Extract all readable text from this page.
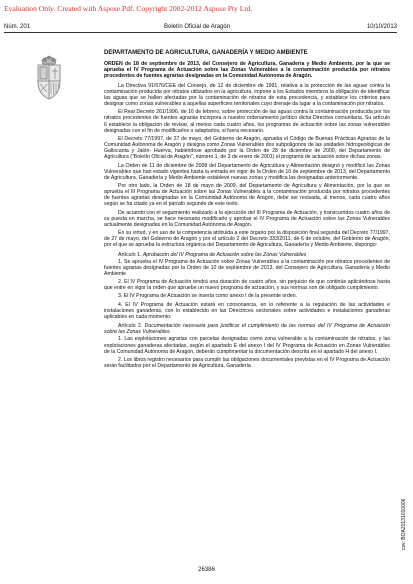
Evaluation Only. Created with Aspose.Pdf. Copyright 2002-2012 Aspose Pty Ltd.
Núm. 201	Boletín Oficial de Aragón	10/10/2013
DEPARTAMENTO DE AGRICULTURA, GANADERÍA Y MEDIO AMBIENTE
ORDEN de 18 de septiembre de 2013, del Consejero de Agricultura, Ganadería y Medio Ambiente, por la que se aprueba el IV Programa de Actuación sobre las Zonas Vulnerables a la contaminación producida por nitratos procedentes de fuentes agrarias designadas en la Comunidad Autónoma de Aragón.
La Directiva 91/676/CEE del Consejo, de 12 de diciembre de 1991, relativa a la protección de las aguas contra la contaminación producida por nitratos utilizados en la agricultura, impone a los Estados miembros la obligación de identificar las aguas que se hallen afectadas por la contaminación de nitratos de esta procedencia, y establece los criterios para designar como zonas vulnerables a aquellas superficies territoriales cuyo drenaje da lugar a la contaminación por nitratos.
El Real Decreto 261/1996, de 16 de febrero, sobre protección de las aguas contra la contaminación producida por los nitratos procedentes de fuentes agrarias incorpora a nuestro ordenamiento jurídico dicha Directiva comunitaria. Su artículo 6 establece la obligación de revisar, al menos cada cuatro años, los programas de actuación sobre las zonas vulnerables designadas con el fin de modificarlos o adaptarlos, si fuera necesario.
El Decreto 77/1997, de 27 de mayo, del Gobierno de Aragón, aprueba el Código de Buenas Prácticas Agrarias de la Comunidad Autónoma de Aragón y designa como Zonas Vulnerables dos subpoligonos de las unidades hidrogeológicas de Gallocanta y Jalón- Huerva, habiéndose aprobado por la Orden de 28 de diciembre de 2000, del Departamento de Agricultura ("Boletín Oficial de Aragón", número 1, de 3 de enero de 2001) el programa de actuación sobre dichas zonas.
La Orden de 11 de diciembre de 2008 del Departamento de Agricultura y Alimentación designó y modificó las Zonas Vulnerables que han estado vigentes hasta la entrada en vigor de la Orden de 10 de septiembre de 2013, del Departamento de Agricultura, Ganadería y Medio Ambiente estableve nuevas zonas y modifica las designadas anteriormente.
Por otro lado, la Orden de 18 de mayo de 2009, del Departamento de Agricultura y Alimentación, por la que se aprueba el III Programa de Actuación sobre las Zonas Vulnerables a la contaminación producida por nitratos procedentes de fuentes agrarias designadas en la Comunidad Autónoma de Aragón, debe ser revisada, al menos, cada cuatro años según se ha citado ya en el párrafo segundo de este texto.
De acuerdo con el seguimiento realizado a la ejecución del III Programa de Actuación, y transcurridos cuatro años de su puesta en marcha, se hace necesario modificarlo y aprobar el IV Programa de Actuación sobre las Zonas Vulnerables actualmente designadas en la Comunidad Autónoma de Aragón.
En su virtud, y en uso de la competencia atribuida a este órgano por la disposición final segunda del Decreto 77/1997, de 27 de mayo, del Gobierno de Aragón y por el artículo 2 del Decreto 333/2011, de 6 de octubre, del Gobierno de Aragón, por el que se aprueba la estructura orgánica del Departamento de Agricultura, Ganadería y Medio Ambiente, dispongo:
Artículo 1. Aprobación del IV Programa de Actuación sobre las Zonas Vulnerables
1. Se aprueba el IV Programa de Actuación sobre Zonas Vulnerables a la contaminación por nitratos procedentes de fuentes agrarias designadas por la Orden de 10 de septiembre de 2013, del Consejero de Agricultura, Ganadería y Medio Ambiente.
2. El IV Programa de Actuación tendrá una duración de cuatro años, sin perjuicio de que continúe aplicándose hasta que entre en vigor la orden que apruebe un nuevo programa de actuación, y sus normas son de obligado cumplimiento.
3. El IV Programa de Actuación se inserta como anexo I de la presente orden.
4. El IV Programa de Actuación estará en consonancia, en lo referente a la regulación de las actividades e instalaciones ganaderas, con lo establecido en las Directrices sectoriales sobre actividades e instalaciones ganaderas aplicables en cada momento.
Artículo 2. Documentación necesaria para justificar el cumplimiento de las normas del IV Programa de Actuación sobre las Zonas Vulnerables.
1. Las explotaciones agrarias con parcelas designadas como zona vulnerable a la contaminación de nitratos, y las explotaciones ganaderas afectadas, según el apartado E del anexo I del IV Programa de Actuación en Zonas Vulnerables de la Comunidad Autónoma de Aragón, deberán cumplimentar la documentación descrita en el apartado H del anexo I.
2. Los libros registro necesarios para cumplir las obligaciones documentales previstas en el IV Programa de Actuación serán facilitados por el Departamento de Agricultura, Ganadería
csv: BOA20131010006
26386
